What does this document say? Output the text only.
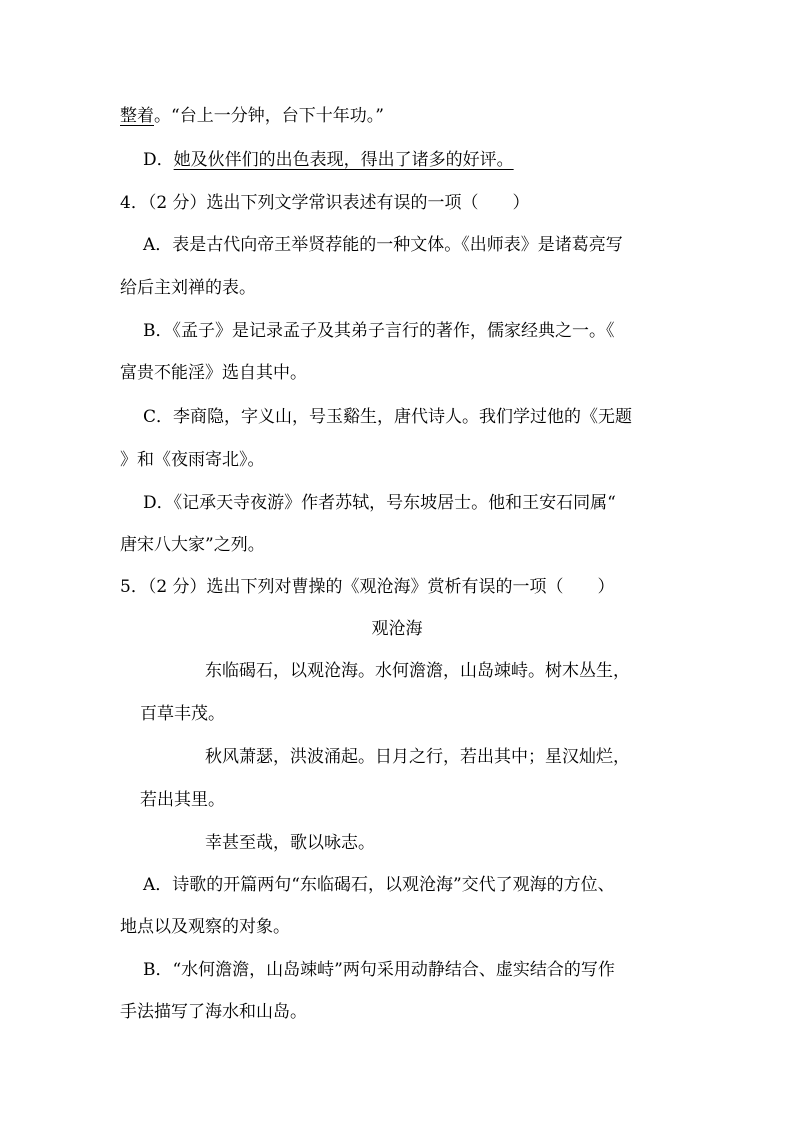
整着。“台上一分钟，台下十年功。”
D．她及伙伴们的出色表现，得出了诸多的好评。
4．（2 分）选出下列文学常识表述有误的一项（　　）
A．表是古代向帝王举贤荐能的一种文体。《出师表》是诸葛亮写
给后主刘禅的表。
B．《孟子》是记录孟子及其弟子言行的著作，儒家经典之一。《
富贵不能淫》选自其中。
C．李商隐，字义山，号玉谿生，唐代诗人。我们学过他的《无题
》和《夜雨寄北》。
D．《记承天寺夜游》作者苏轼，号东坡居士。他和王安石同属“
唐宋八大家”之列。
5．（2 分）选出下列对曹操的《观沧海》赏析有误的一项（　　）
观沧海
东临碣石，以观沧海。水何澹澹，山岛竦峙。树木丛生，
百草丰茂。
秋风萧瑟，洪波涌起。日月之行，若出其中；星汉灿烂，
若出其里。
幸甚至哉，歌以咏志。
A．诗歌的开篇两句“东临碣石，以观沧海”交代了观海的方位、
地点以及观察的对象。
B．“水何澹澹，山岛竦峙”两句采用动静结合、虚实结合的写作
手法描写了海水和山岛。
